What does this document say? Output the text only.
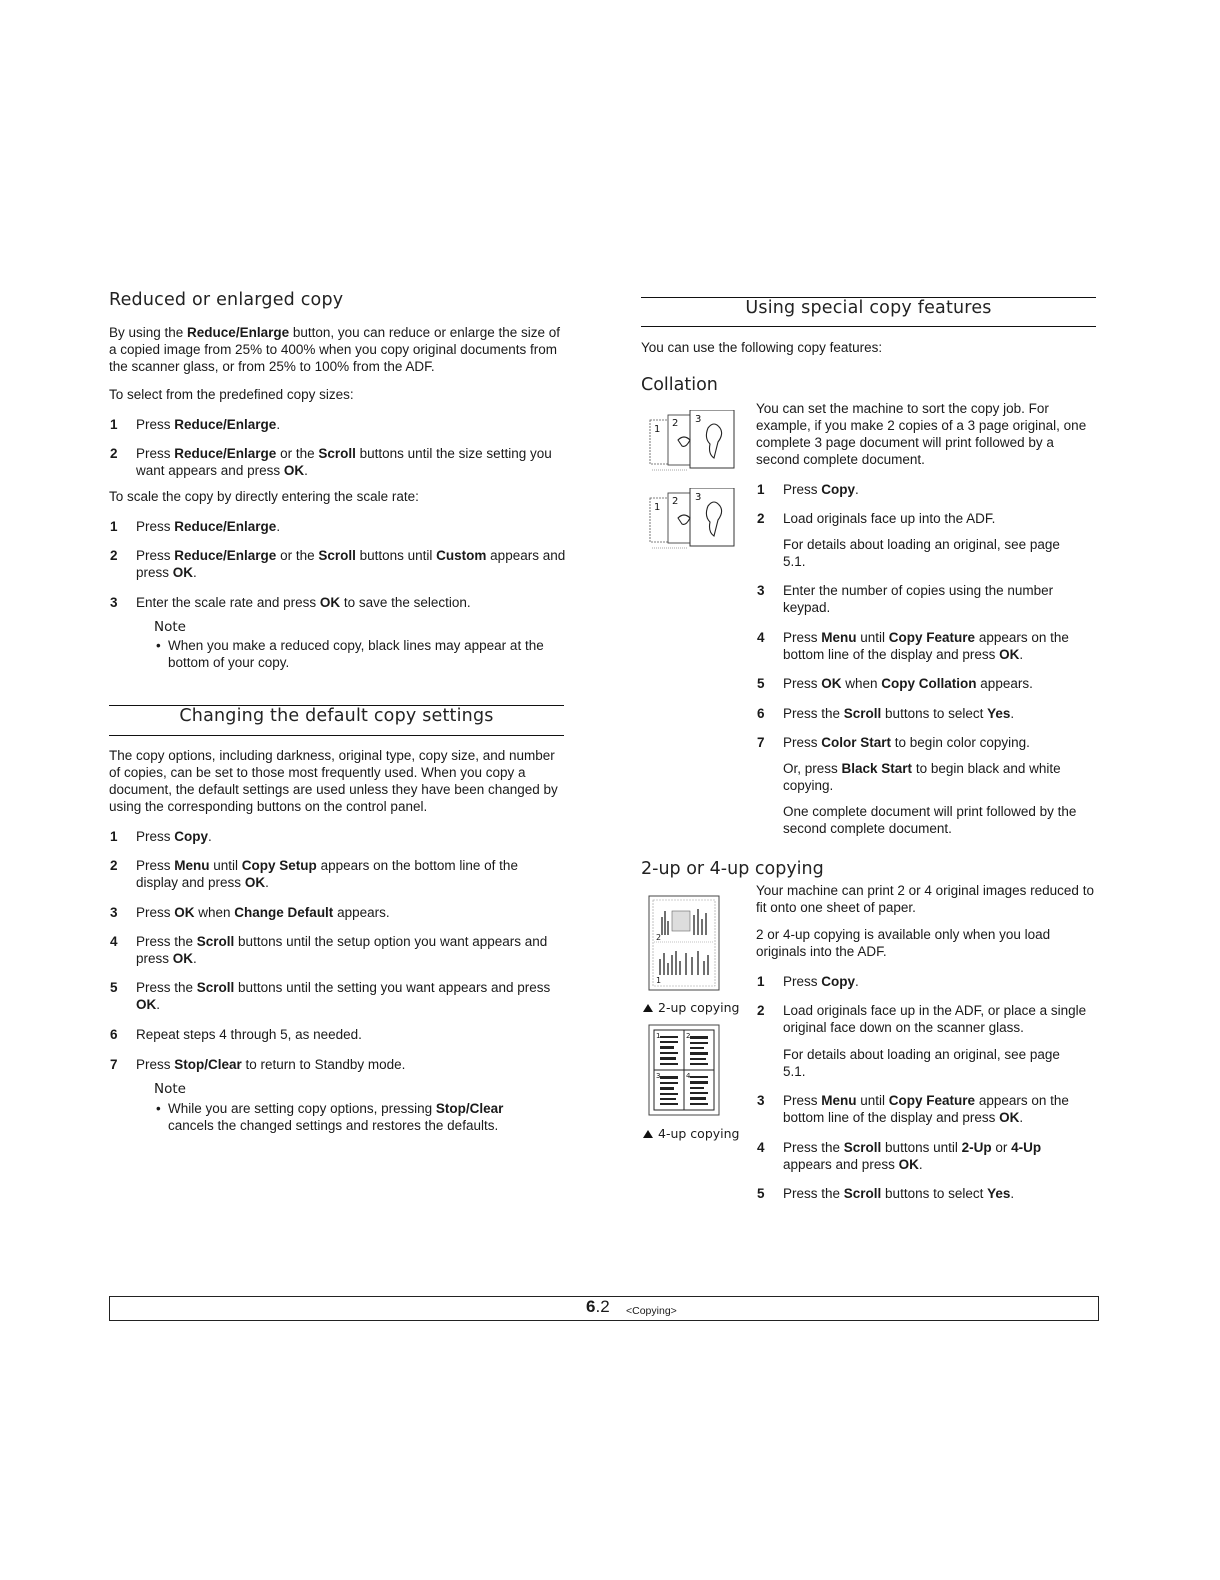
Reduced or enlarged copy
By using the Reduce/Enlarge button, you can reduce or enlarge the size of a copied image from 25% to 400% when you copy original documents from the scanner glass, or from 25% to 100% from the ADF.
To select from the predefined copy sizes:
1 Press Reduce/Enlarge.
2 Press Reduce/Enlarge or the Scroll buttons until the size setting you want appears and press OK.
To scale the copy by directly entering the scale rate:
1 Press Reduce/Enlarge.
2 Press Reduce/Enlarge or the Scroll buttons until Custom appears and press OK.
3 Enter the scale rate and press OK to save the selection.
Note
• When you make a reduced copy, black lines may appear at the bottom of your copy.
Changing the default copy settings
The copy options, including darkness, original type, copy size, and number of copies, can be set to those most frequently used. When you copy a document, the default settings are used unless they have been changed by using the corresponding buttons on the control panel.
1 Press Copy.
2 Press Menu until Copy Setup appears on the bottom line of the display and press OK.
3 Press OK when Change Default appears.
4 Press the Scroll buttons until the setup option you want appears and press OK.
5 Press the Scroll buttons until the setting you want appears and press OK.
6 Repeat steps 4 through 5, as needed.
7 Press Stop/Clear to return to Standby mode.
Note
• While you are setting copy options, pressing Stop/Clear cancels the changed settings and restores the defaults.
Using special copy features
You can use the following copy features:
Collation
1
2 3
1
2 3
You can set the machine to sort the copy job. For example, if you make 2 copies of a 3 page original, one complete 3 page document will print followed by a second complete document.
1 Press Copy.
2 Load originals face up into the ADF.
For details about loading an original, see page 5.1.
3 Enter the number of copies using the number keypad.
4 Press Menu until Copy Feature appears on the bottom line of the display and press OK.
5 Press OK when Copy Collation appears.
6 Press the Scroll buttons to select Yes.
7 Press Color Start to begin color copying.
Or, press Black Start to begin black and white copying.
One complete document will print followed by the second complete document.
2-up or 4-up copying
2
1
2-up copying
1	2
3	4
4-up copying
Your machine can print 2 or 4 original images reduced to fit onto one sheet of paper.
2 or 4-up copying is available only when you load originals into the ADF.
1 Press Copy.
2 Load originals face up in the ADF, or place a single original face down on the scanner glass.
For details about loading an original, see page 5.1.
3 Press Menu until Copy Feature appears on the bottom line of the display and press OK.
4 Press the Scroll buttons until 2-Up or 4-Up appears and press OK.
5 Press the Scroll buttons to select Yes.
6.2 <Copying>
